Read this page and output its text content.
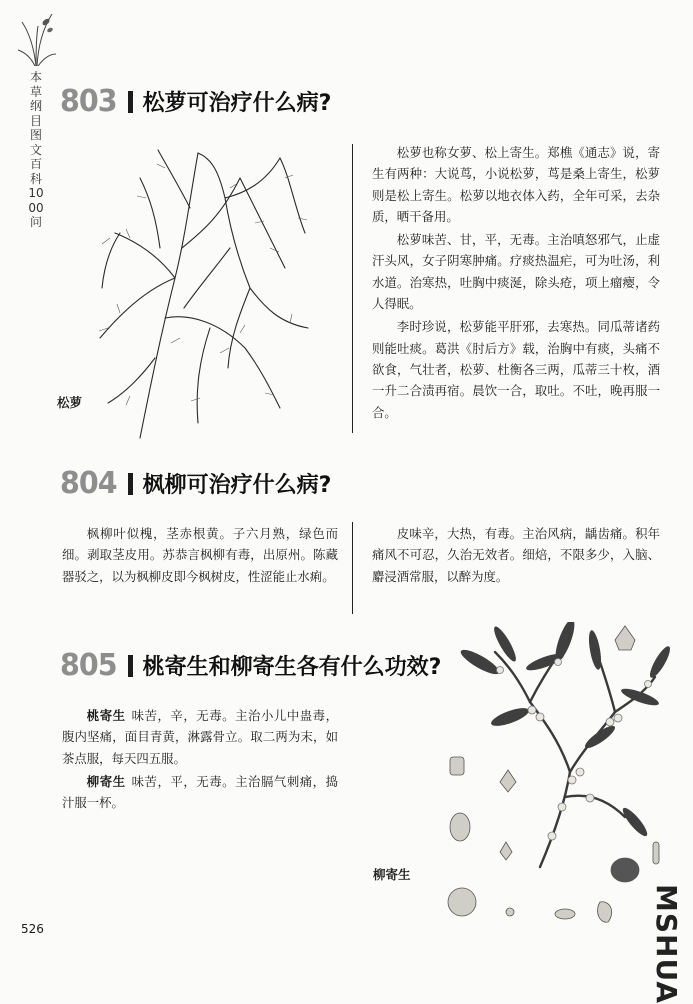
本草纲目图文百科1000问
803 松萝可治疗什么病?
松萝

松萝也称女萝、松上寄生。郑樵《通志》说，寄生有两种：大说茑，小说松萝，茑是桑上寄生，松萝则是松上寄生。松萝以地衣体入药，全年可采，去杂质，晒干备用。

松萝味苦、甘，平，无毒。主治嗔怒邪气，止虚汗头风，女子阴寒肿痛。疗痰热温疟，可为吐汤，利水道。治寒热，吐胸中痰涎，除头疮，项上瘤瘿，令人得眠。

李时珍说，松萝能平肝邪，去寒热。同瓜蒂诸药则能吐痰。葛洪《肘后方》载，治胸中有痰，头痛不欲食，气壮者，松萝、杜衡各三两，瓜蒂三十枚，酒一升二合渍再宿。晨饮一合，取吐。不吐，晚再服一合。

804 枫柳可治疗什么病?

枫柳叶似槐，茎赤根黄。子六月熟，绿色而细。剥取茎皮用。苏恭言枫柳有毒，出原州。陈藏器驳之，以为枫柳皮即今枫树皮，性涩能止水痢。

皮味辛，大热，有毒。主治风病，龋齿痛。积年痛风不可忍，久治无效者。细焙，不限多少，入脑、麝浸酒常服，以醉为度。

805 桃寄生和柳寄生各有什么功效?

桃寄生 味苦，辛，无毒。主治小儿中蛊毒，腹内坚痛，面目青黄，淋露骨立。取二两为末，如茶点服，每天四五服。

柳寄生 味苦，平，无毒。主治膈气刺痛，捣汁服一杯。

柳寄生
526	MSHUA
